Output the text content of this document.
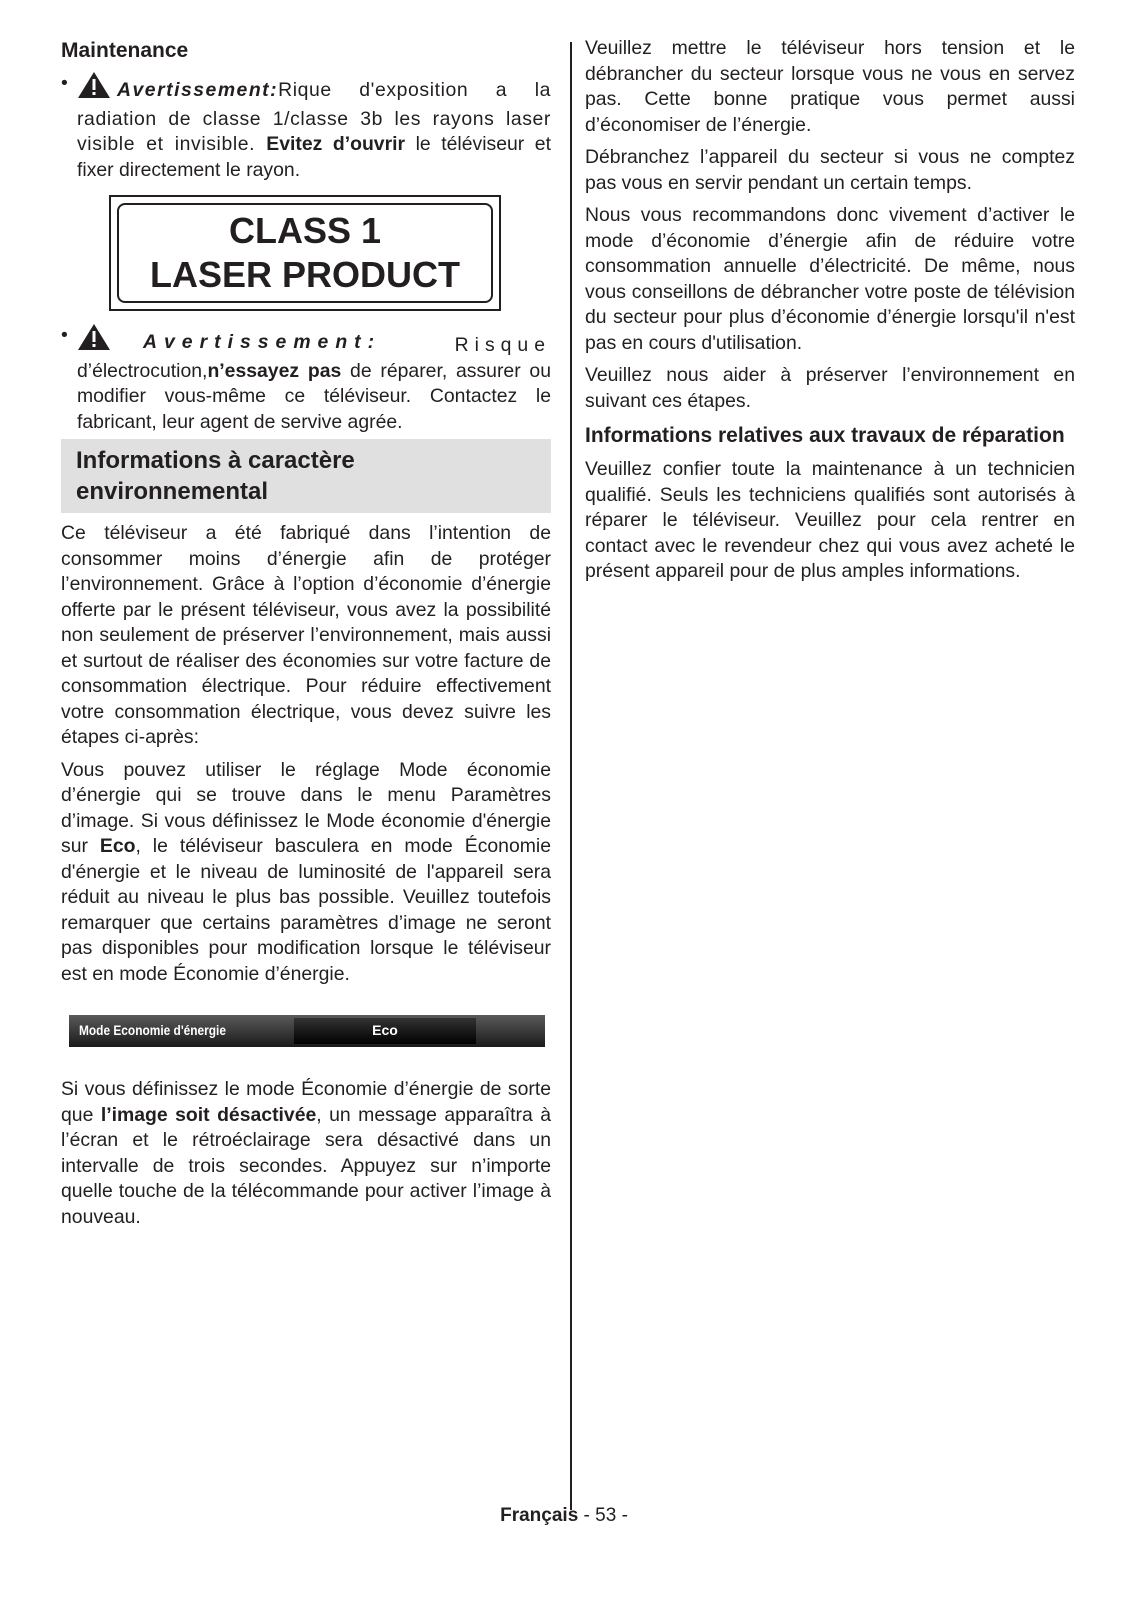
Maintenance
•	Avertissement:Rique d'exposition a la radiation de classe 1/classe 3b les rayons laser visible et invisible. Evitez d’ouvrir le téléviseur et fixer directement le rayon.
CLASS 1
LASER PRODUCT
•	Avertissement:	Risque
d’électrocution,n’essayez pas de réparer, assurer ou modifier vous-même ce téléviseur. Contactez le fabricant, leur agent de servive agrée.
Informations à caractère environnemental

Ce téléviseur a été fabriqué dans l’intention de consommer moins d’énergie afin de protéger l’environnement. Grâce à l’option d’économie d’énergie offerte par le présent téléviseur, vous avez la possibilité non seulement de préserver l’environnement, mais aussi et surtout de réaliser des économies sur votre facture de consommation électrique. Pour réduire effectivement votre consommation électrique, vous devez suivre les étapes ci-après:

Vous pouvez utiliser le réglage Mode économie d’énergie qui se trouve dans le menu Paramètres d’image. Si vous définissez le Mode économie d'énergie sur Eco, le téléviseur basculera en mode Économie d'énergie et le niveau de luminosité de l'appareil sera réduit au niveau le plus bas possible. Veuillez toutefois remarquer que certains paramètres d’image ne seront pas disponibles pour modification lorsque le téléviseur est en mode Économie d’énergie.

Mode Economie d'énergie	Eco

Si vous définissez le mode Économie d’énergie de sorte que l’image soit désactivée, un message apparaîtra à l’écran et le rétroéclairage sera désactivé dans un intervalle de trois secondes. Appuyez sur n’importe quelle touche de la télécommande pour activer l’image à nouveau.

Veuillez mettre le téléviseur hors tension et le débrancher du secteur lorsque vous ne vous en servez pas. Cette bonne pratique vous permet aussi d’économiser de l’énergie.

Débranchez l’appareil du secteur si vous ne comptez pas vous en servir pendant un certain temps.

Nous vous recommandons donc vivement d’activer le mode d’économie d’énergie afin de réduire votre consommation annuelle d’électricité. De même, nous vous conseillons de débrancher votre poste de télévision du secteur pour plus d’économie d’énergie lorsqu'il n'est pas en cours d'utilisation.

Veuillez nous aider à préserver l’environnement en suivant ces étapes.

Informations relatives aux travaux de réparation

Veuillez confier toute la maintenance à un technicien qualifié. Seuls les techniciens qualifiés sont autorisés à réparer le téléviseur. Veuillez pour cela rentrer en contact avec le revendeur chez qui vous avez acheté le présent appareil pour de plus amples informations.

Français - 53 -
